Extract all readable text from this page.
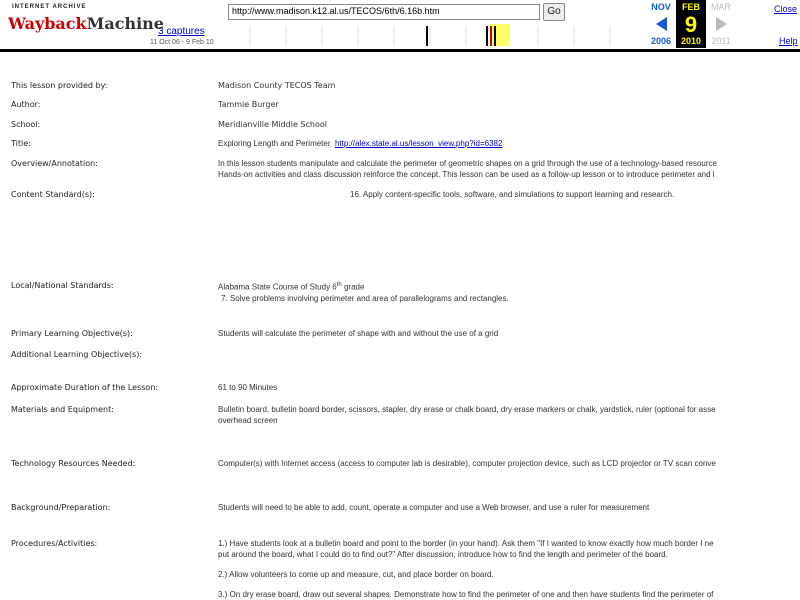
INTERNET ARCHIVE
WaybackMachine
http://www.madison.k12.al.us/TECOS/6th/6.16b.htm	Go
3 captures
11 Oct 06 - 9 Feb 10
NOV	MAR
FEB
9
2010
2006	2011
Close
Help
This lesson provided by:	Madison County TECOS Team
Author:	Tammie Burger
School:	Meridianville Middle School
Title:	Exploring Length and Perimeter http://alex.state.al.us/lesson_view.php?id=6382
Overview/Annotation:	In this lesson students manipulate and calculate the perimeter of geometric shapes on a grid through the use of a technology-based resource
Hands-on activities and class discussion reinforce the concept. This lesson can be used as a follow-up lesson or to introduce perimeter and l
Content Standard(s):	16. Apply content-specific tools, software, and simulations to support learning and research.
Local/National Standards:	Alabama State Course of Study 6th grade
7. Solve problems involving perimeter and area of parallelograms and rectangles.
Primary Learning Objective(s):	Students will calculate the perimeter of shape with and without the use of a grid
Additional Learning Objective(s):
Approximate Duration of the Lesson:	61 to 90 Minutes
Materials and Equipment:	Bulletin board, bulletin board border, scissors, stapler, dry erase or chalk board, dry erase markers or chalk, yardstick, ruler (optional for asse
overhead screen
Technology Resources Needed:	Computer(s) with Internet access (access to computer lab is desirable), computer projection device, such as LCD projector or TV scan conve
Background/Preparation:	Students will need to be able to add, count, operate a computer and use a Web browser, and use a ruler for measurement
Procedures/Activities:	1.) Have students look at a bulletin board and point to the border (in your hand). Ask them "If I wanted to know exactly how much border I ne
put around the board, what I could do to find out?" After discussion, introduce how to find the length and perimeter of the board.
2.) Allow volunteers to come up and measure, cut, and place border on board.
3.) On dry erase board, draw out several shapes. Demonstrate how to find the perimeter of one and then have students find the perimeter of
